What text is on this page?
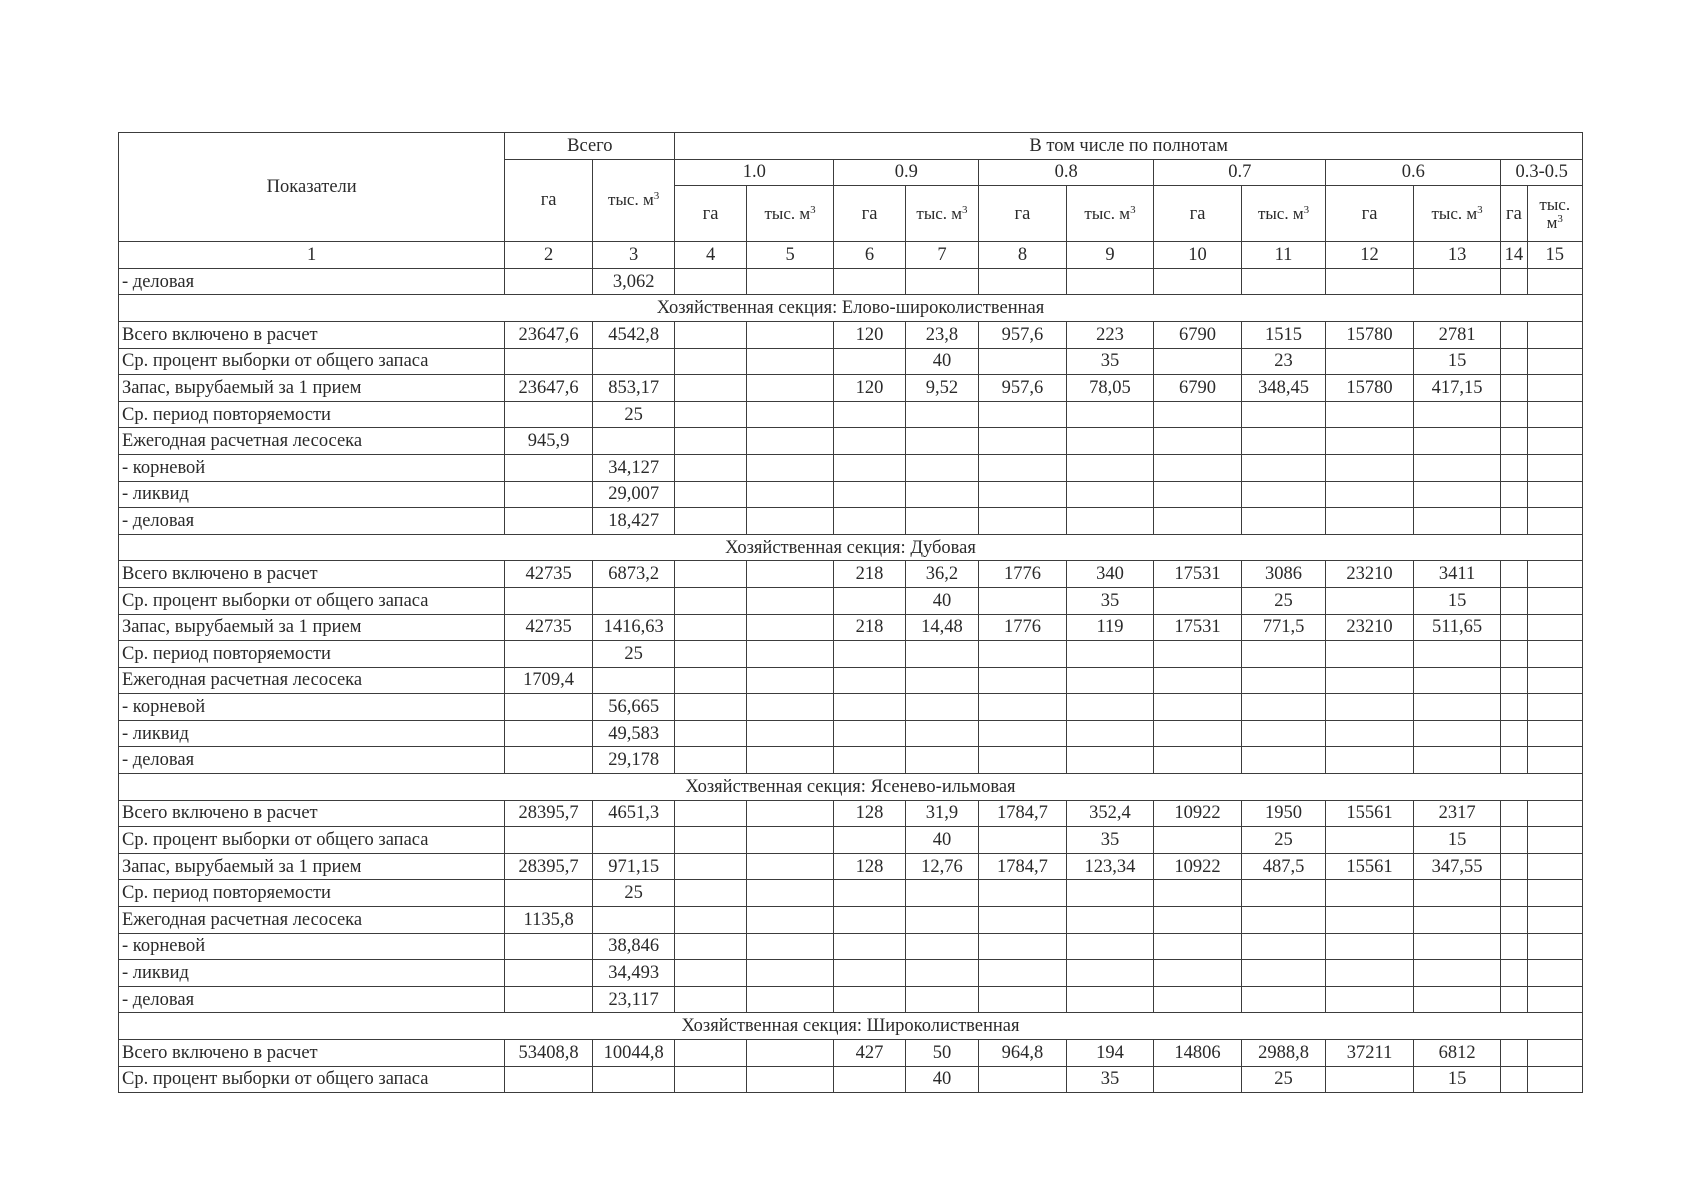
Показатели	Всего		В том числе по полнотам											
	га	тыс. $м^3$	1.0		0.9		0.8		0.7		0.6		0.3-0.5	
			га	тыс. $м^3$	га	тыс. $м^3$	га	тыс. $м^3$	га	тыс. $м^3$	га	тыс. $м^3$	га	тыс. $м^3$
1	2	3	4	5	6	7	8	9	10	11	12	13	14	15
- деловая		3,062												
Хозяйственная секция: Елово-широколиственная														
Всего включено в расчет	23647,6	4542,8			120	23,8	957,6	223	6790	1515	15780	2781		
Ср. процент выборки от общего запаса						40		35		23		15		
Запас, вырубаемый за 1 прием	23647,6	853,17			120	9,52	957,6	78,05	6790	348,45	15780	417,15		
Ср. период повторяемости		25												
Ежегодная расчетная лесосека	945,9													
- корневой		34,127												
- ликвид		29,007												
- деловая		18,427												
Хозяйственная секция: Дубовая														
Всего включено в расчет	42735	6873,2			218	36,2	1776	340	17531	3086	23210	3411		
Ср. процент выборки от общего запаса						40		35		25		15		
Запас, вырубаемый за 1 прием	42735	1416,63			218	14,48	1776	119	17531	771,5	23210	511,65		
Ср. период повторяемости		25												
Ежегодная расчетная лесосека	1709,4													
- корневой		56,665												
- ликвид		49,583												
- деловая		29,178												
Хозяйственная секция: Ясеневo-ильмовая														
Всего включено в расчет	28395,7	4651,3			128	31,9	1784,7	352,4	10922	1950	15561	2317		
Ср. процент выборки от общего запаса						40		35		25		15		
Запас, вырубаемый за 1 прием	28395,7	971,15			128	12,76	1784,7	123,34	10922	487,5	15561	347,55		
Ср. период повторяемости		25												
Ежегодная расчетная лесосека	1135,8													
- корневой		38,846												
- ликвид		34,493												
- деловая		23,117												
Хозяйственная секция: Широколиственная														
Всего включено в расчет	53408,8	10044,8			427	50	964,8	194	14806	2988,8	37211	6812		
Ср. процент выборки от общего запаса						40		35		25		15		
